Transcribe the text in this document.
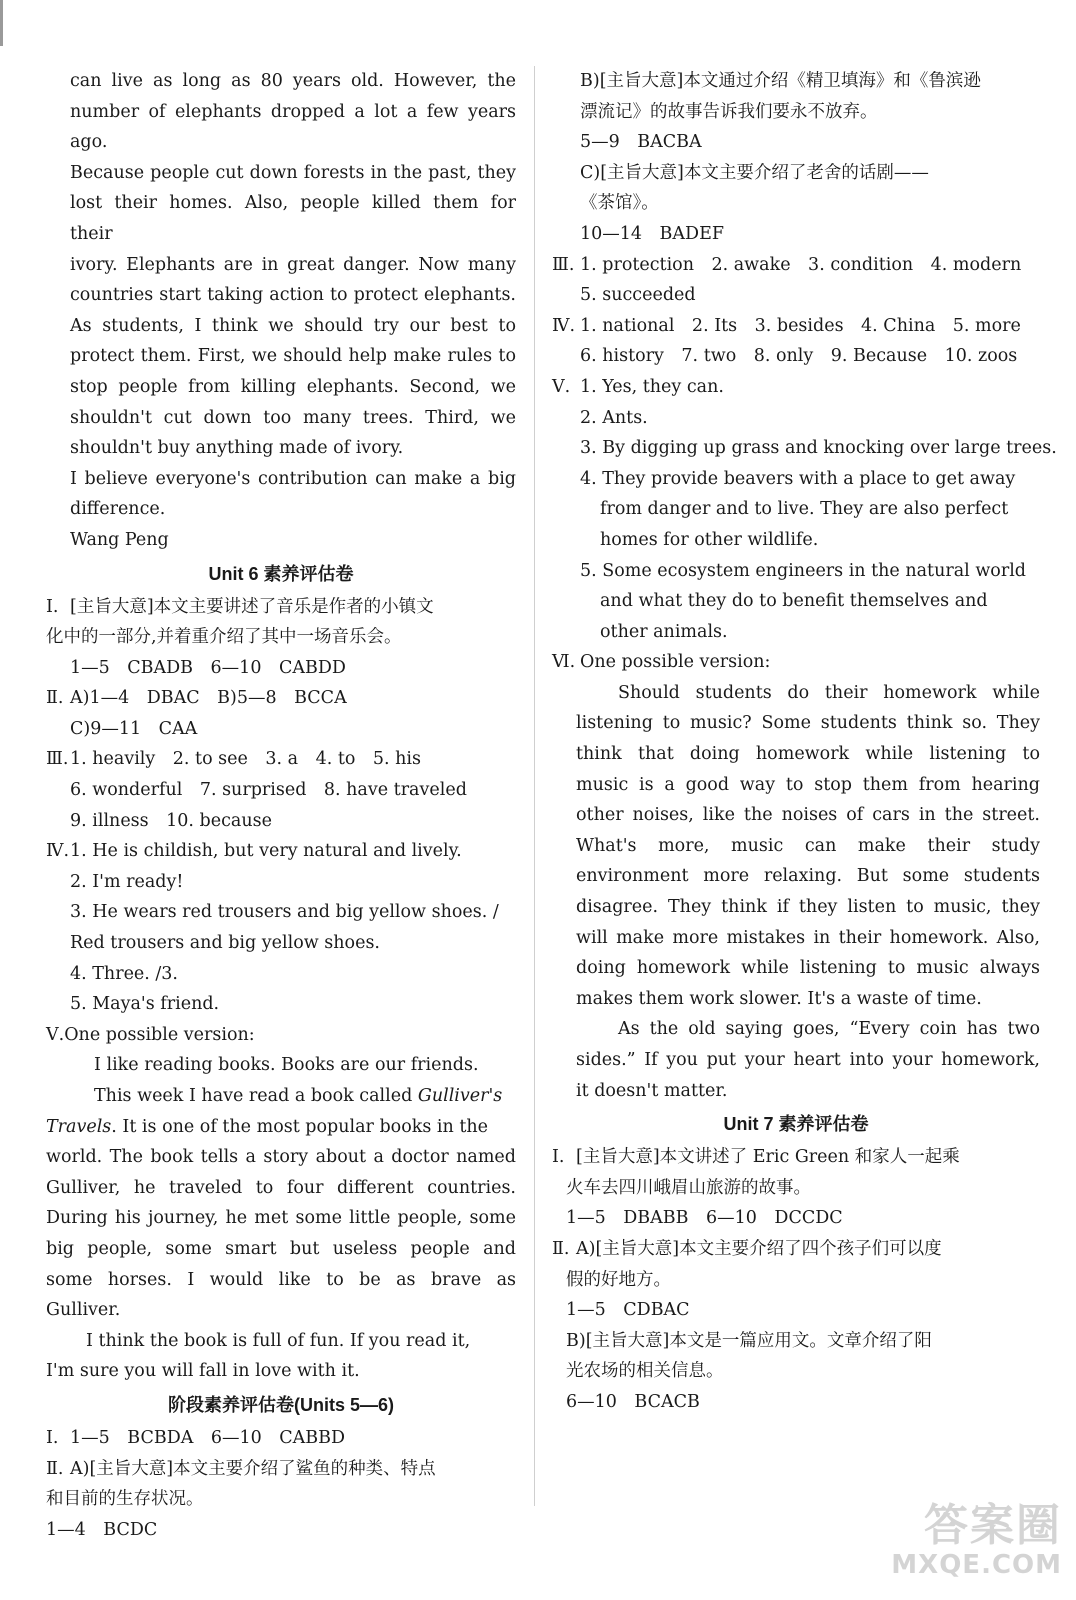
can live as long as 80 years old. However, the
number of elephants dropped a lot a few years ago.
Because people cut down forests in the past, they
lost their homes. Also, people killed them for their
ivory. Elephants are in great danger. Now many
countries start taking action to protect elephants.
As students, I think we should try our best to
protect them. First, we should help make rules to
stop people from killing elephants. Second, we
shouldn't cut down too many trees. Third, we
shouldn't buy anything made of ivory.
I believe everyone's contribution can make a big
difference.
Wang Peng
Unit 6 素养评估卷
Ⅰ. [主旨大意]本文主要讲述了音乐是作者的小镇文
化中的一部分,并着重介绍了其中一场音乐会。
1—5　CBADB　6—10　CABDD
Ⅱ. A)1—4　DBAC　B)5—8　BCCA
C)9—11　CAA
Ⅲ. 1. heavily　2. to see　3. a　4. to　5. his
6. wonderful　7. surprised　8. have traveled
9. illness　10. because
Ⅳ. 1. He is childish, but very natural and lively.
2. I'm ready!
3. He wears red trousers and big yellow shoes. /
Red trousers and big yellow shoes.
4. Three. /3.
5. Maya's friend.
Ⅴ.One possible version:
I like reading books. Books are our friends.
This week I have read a book called Gulliver's
Travels. It is one of the most popular books in the
world. The book tells a story about a doctor named
Gulliver, he traveled to four different countries.
During his journey, he met some little people, some
big people, some smart but useless people and
some horses. I would like to be as brave as
Gulliver.
I think the book is full of fun. If you read it,
I'm sure you will fall in love with it.
阶段素养评估卷(Units 5—6)
Ⅰ. 1—5　BCBDA　6—10　CABBD
Ⅱ. A)[主旨大意]本文主要介绍了鲨鱼的种类、特点
和目前的生存状况。
1—4　BCDC
B)[主旨大意]本文通过介绍《精卫填海》和《鲁滨逊
漂流记》的故事告诉我们要永不放弃。
5—9　BACBA
C)[主旨大意]本文主要介绍了老舍的话剧——
《茶馆》。
10—14　BADEF
Ⅲ. 1. protection　2. awake　3. condition　4. modern
5. succeeded
Ⅳ. 1. national　2. Its　3. besides　4. China　5. more
6. history　7. two　8. only　9. Because　10. zoos
Ⅴ. 1. Yes, they can.
2. Ants.
3. By digging up grass and knocking over large trees.
4. They provide beavers with a place to get away
from danger and to live. They are also perfect
homes for other wildlife.
5. Some ecosystem engineers in the natural world
and what they do to benefit themselves and
other animals.
Ⅵ. One possible version:
Should students do their homework while
listening to music? Some students think so. They
think that doing homework while listening to
music is a good way to stop them from hearing
other noises, like the noises of cars in the street.
What's more, music can make their study
environment more relaxing. But some students
disagree. They think if they listen to music, they
will make more mistakes in their homework. Also,
doing homework while listening to music always
makes them work slower. It's a waste of time.
As the old saying goes, “Every coin has two
sides.” If you put your heart into your homework,
it doesn't matter.
Unit 7 素养评估卷
Ⅰ. [主旨大意]本文讲述了 Eric Green 和家人一起乘
火车去四川峨眉山旅游的故事。
1—5　DBABB　6—10　DCCDC
Ⅱ. A)[主旨大意]本文主要介绍了四个孩子们可以度
假的好地方。
1—5　CDBAC
B)[主旨大意]本文是一篇应用文。文章介绍了阳
光农场的相关信息。
6—10　BCACB
答案圈
MXQE.COM
